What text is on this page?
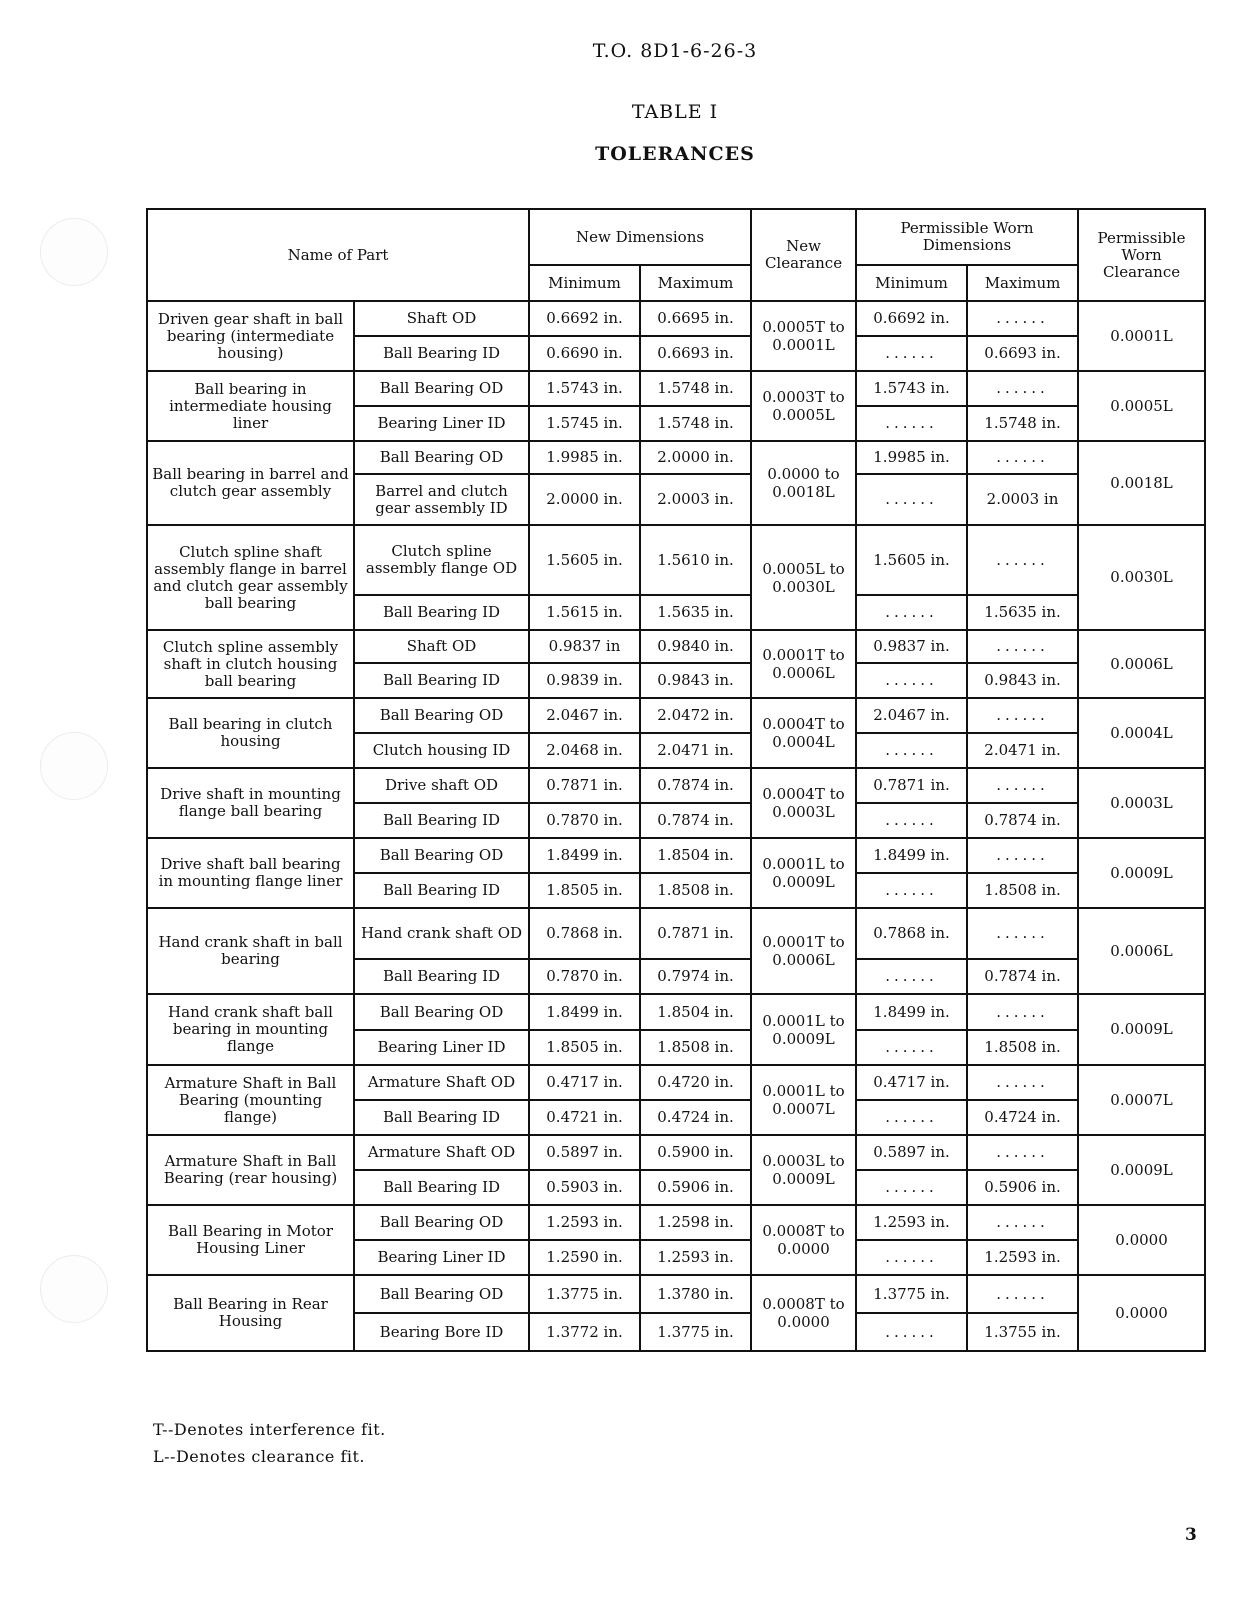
T.O. 8D1-6-26-3
TABLE I
TOLERANCES
Name of Part		New Dimensions		New Clearance	Permissible Worn Dimensions		Permissible Worn Clearance
		Minimum	Maximum		Minimum	Maximum	
Driven gear shaft in ball bearing (intermediate housing)	Shaft OD	0.6692 in.	0.6695 in.	0.0005T to 0.0001L	0.6692 in.	......	0.0001L
	Ball Bearing ID	0.6690 in.	0.6693 in.		......	0.6693 in.	
Ball bearing in intermediate housing liner	Ball Bearing OD	1.5743 in.	1.5748 in.	0.0003T to 0.0005L	1.5743 in.	......	0.0005L
	Bearing Liner ID	1.5745 in.	1.5748 in.		......	1.5748 in.	
Ball bearing in barrel and clutch gear assembly	Ball Bearing OD	1.9985 in.	2.0000 in.	0.0000 to 0.0018L	1.9985 in.	......	0.0018L
	Barrel and clutch gear assembly ID	2.0000 in.	2.0003 in.		......	2.0003 in	
Clutch spline shaft assembly flange in barrel and clutch gear assembly ball bearing	Clutch spline assembly flange OD	1.5605 in.	1.5610 in.	0.0005L to 0.0030L	1.5605 in.	......	0.0030L
	Ball Bearing ID	1.5615 in.	1.5635 in.		......	1.5635 in.	
Clutch spline assembly shaft in clutch housing ball bearing	Shaft OD	0.9837 in	0.9840 in.	0.0001T to 0.0006L	0.9837 in.	......	0.0006L
	Ball Bearing ID	0.9839 in.	0.9843 in.		......	0.9843 in.	
Ball bearing in clutch housing	Ball Bearing OD	2.0467 in.	2.0472 in.	0.0004T to 0.0004L	2.0467 in.	......	0.0004L
	Clutch housing ID	2.0468 in.	2.0471 in.		......	2.0471 in.	
Drive shaft in mounting flange ball bearing	Drive shaft OD	0.7871 in.	0.7874 in.	0.0004T to 0.0003L	0.7871 in.	......	0.0003L
	Ball Bearing ID	0.7870 in.	0.7874 in.		......	0.7874 in.	
Drive shaft ball bearing in mounting flange liner	Ball Bearing OD	1.8499 in.	1.8504 in.	0.0001L to 0.0009L	1.8499 in.	......	0.0009L
	Ball Bearing ID	1.8505 in.	1.8508 in.		......	1.8508 in.	
Hand crank shaft in ball bearing	Hand crank shaft OD	0.7868 in.	0.7871 in.	0.0001T to 0.0006L	0.7868 in.	......	0.0006L
	Ball Bearing ID	0.7870 in.	0.7974 in.		......	0.7874 in.	
Hand crank shaft ball bearing in mounting flange	Ball Bearing OD	1.8499 in.	1.8504 in.	0.0001L to 0.0009L	1.8499 in.	......	0.0009L
	Bearing Liner ID	1.8505 in.	1.8508 in.		......	1.8508 in.	
Armature Shaft in Ball Bearing (mounting flange)	Armature Shaft OD	0.4717 in.	0.4720 in.	0.0001L to 0.0007L	0.4717 in.	......	0.0007L
	Ball Bearing ID	0.4721 in.	0.4724 in.		......	0.4724 in.	
Armature Shaft in Ball Bearing (rear housing)	Armature Shaft OD	0.5897 in.	0.5900 in.	0.0003L to 0.0009L	0.5897 in.	......	0.0009L
	Ball Bearing ID	0.5903 in.	0.5906 in.		......	0.5906 in.	
Ball Bearing in Motor Housing Liner	Ball Bearing OD	1.2593 in.	1.2598 in.	0.0008T to 0.0000	1.2593 in.	......	0.0000
	Bearing Liner ID	1.2590 in.	1.2593 in.		......	1.2593 in.	
Ball Bearing in Rear Housing	Ball Bearing OD	1.3775 in.	1.3780 in.	0.0008T to 0.0000	1.3775 in.	......	0.0000
	Bearing Bore ID	1.3772 in.	1.3775 in.		......	1.3755 in.	
T--Denotes interference fit.
L--Denotes clearance fit.
3
